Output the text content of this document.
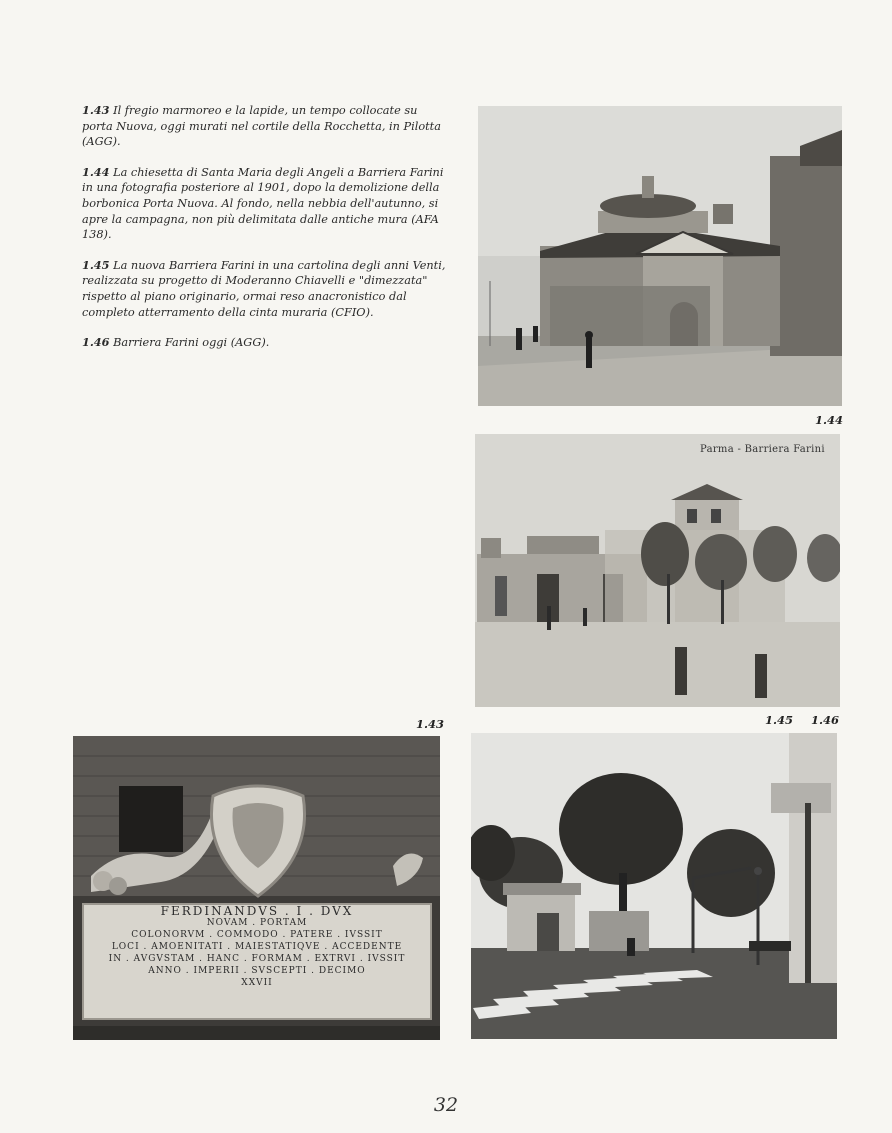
1.43 Il fregio marmoreo e la lapide, un tempo collocate su porta Nuova, oggi murati nel cortile della Rocchetta, in Pilotta (AGG).

1.44 La chiesetta di Santa Maria degli Angeli a Barriera Farini in una fotografia posteriore al 1901, dopo la demolizione della borbonica Porta Nuova. Al fondo, nella nebbia dell'autunno, si apre la campagna, non più delimitata dalle antiche mura (AFA 138).

1.45 La nuova Barriera Farini in una cartolina degli anni Venti, realizzata su progetto di Moderanno Chiavelli e "dimezzata" rispetto al piano originario, ormai reso anacronistico dal completo atterramento della cinta muraria (CFIO).

1.46 Barriera Farini oggi (AGG).

1.44
Parma - Barriera Farini
1.43	1.45 1.46
FERDINANDVS . I . DVX
NOVAM . PORTAM
COLONORVM . COMMODO . PATERE . IVSSIT
LOCI . AMOENITATI . MAIESTATIQVE . ACCEDENTE
IN . AVGVSTAM . HANC . FORMAM . EXTRVI . IVSSIT
ANNO . IMPERII . SVSCEPTI . DECIMO
XXVII
32
